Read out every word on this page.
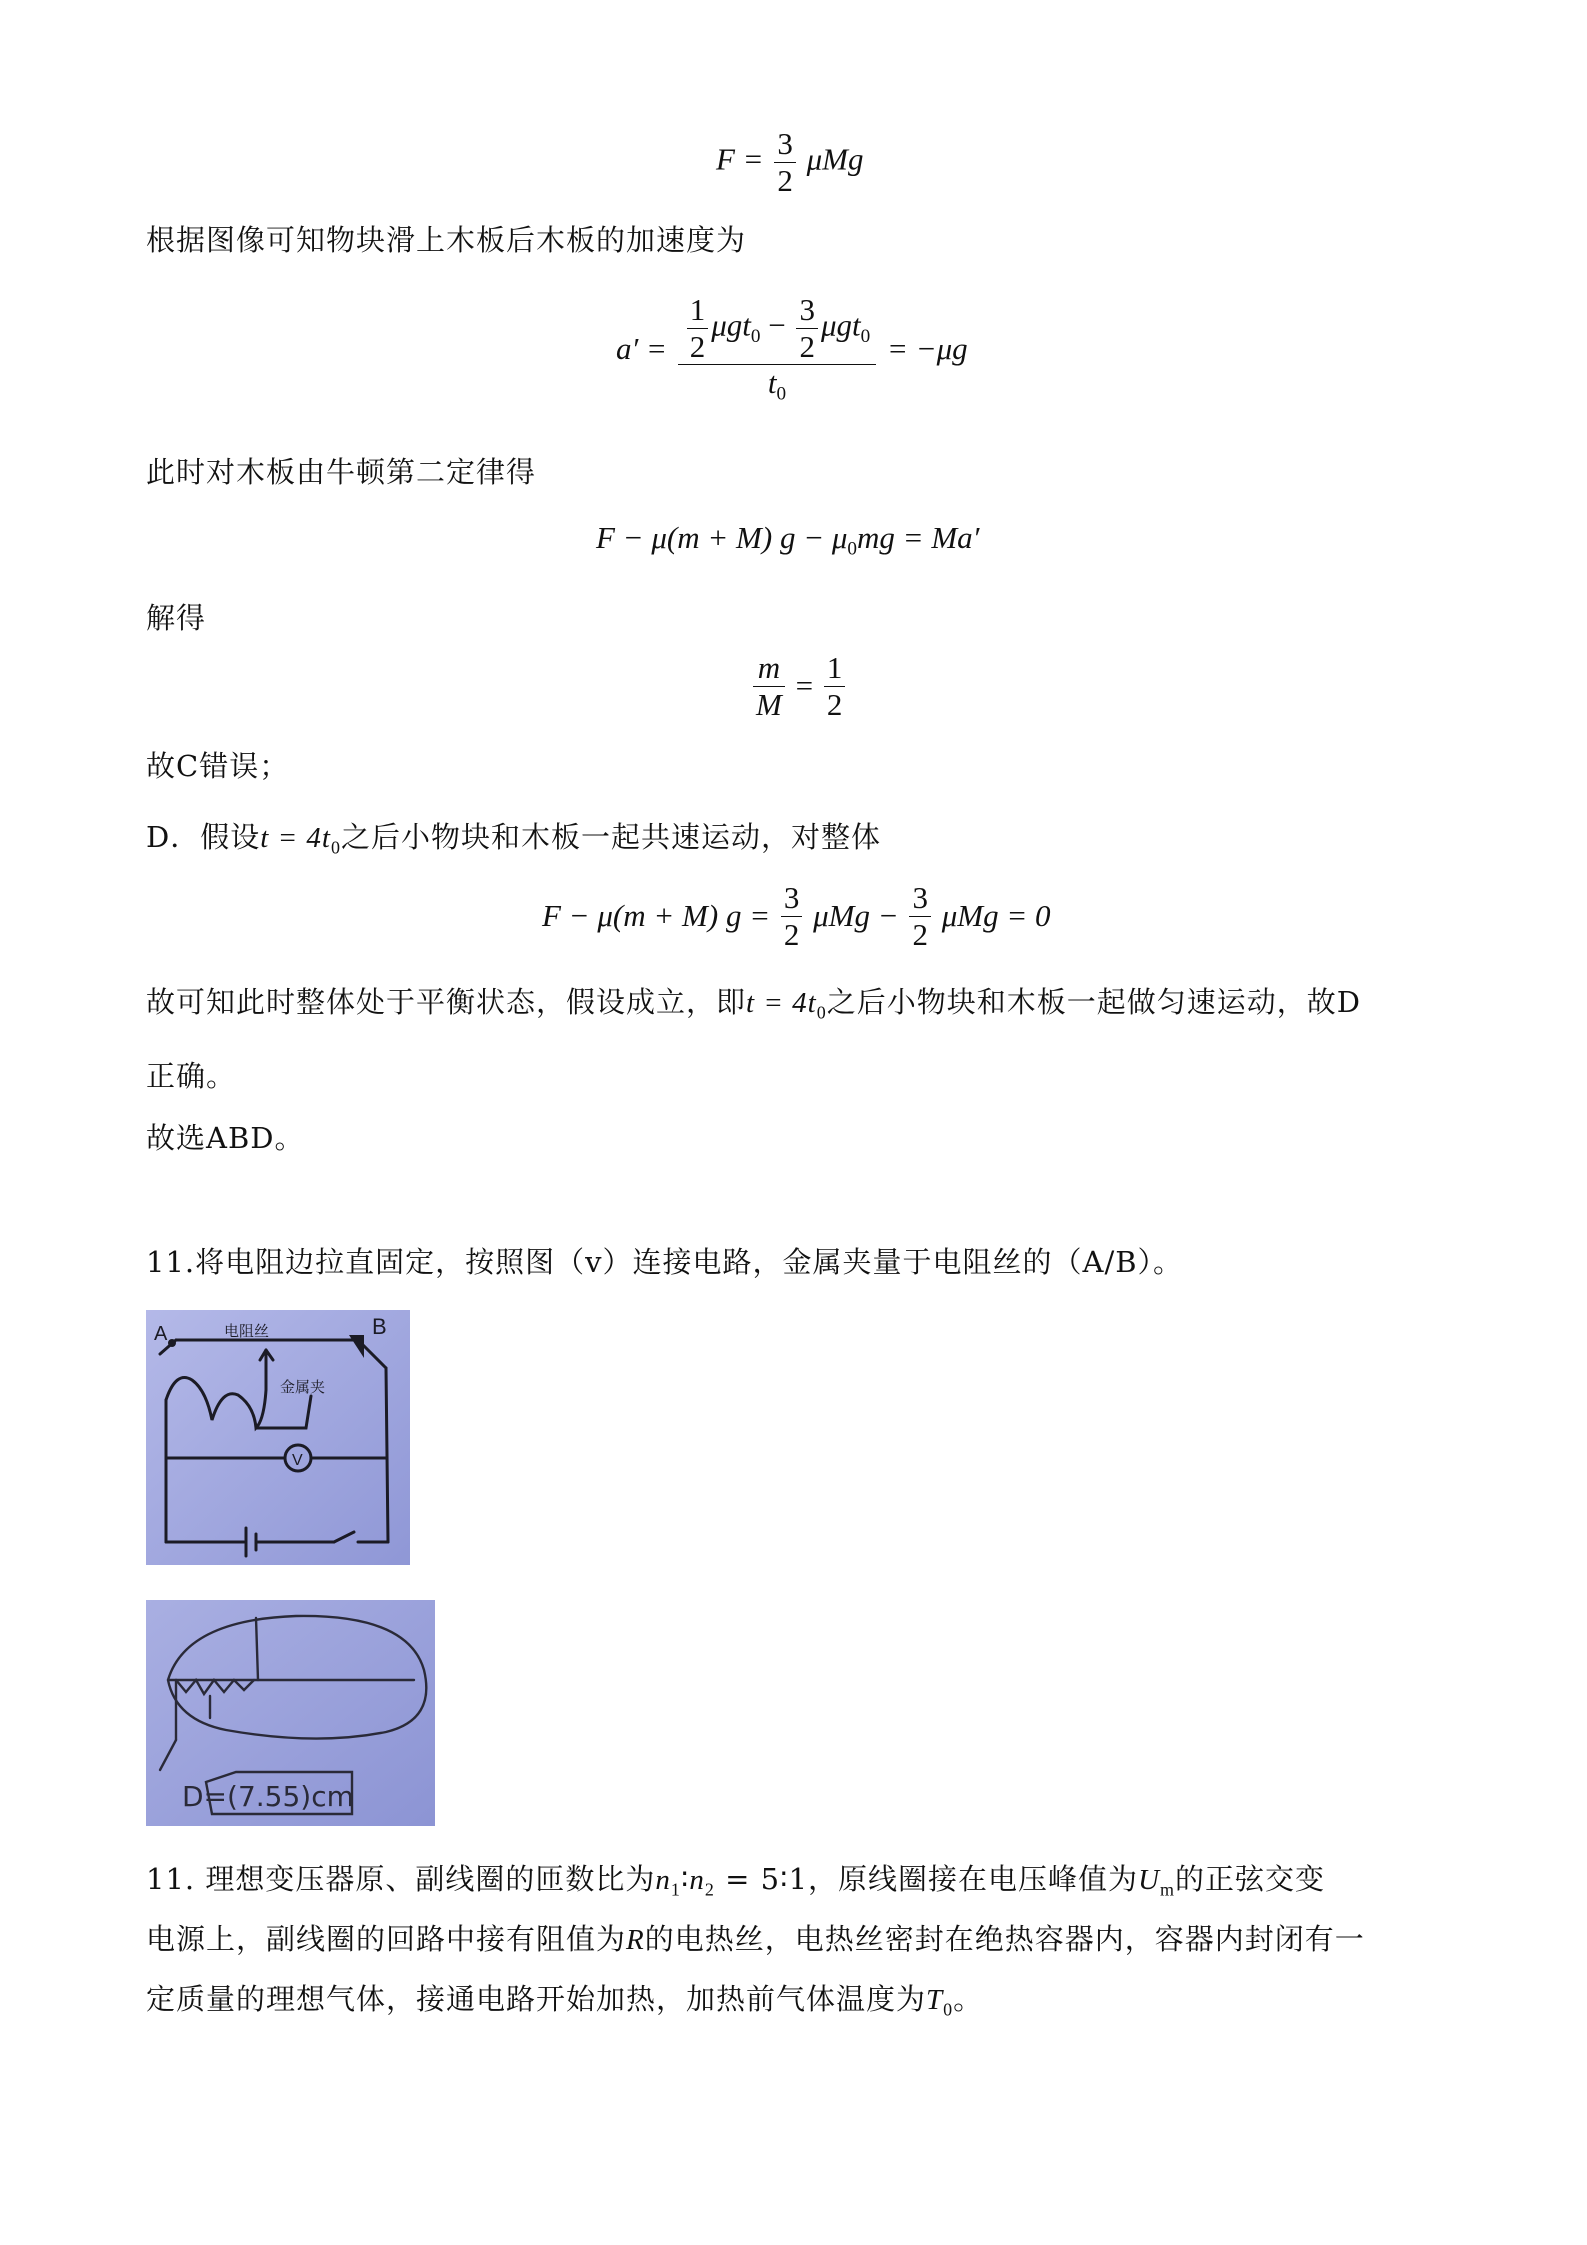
$F = \frac{3}{2}$ μMg
根据图像可知物块滑上木板后木板的加速度为
$a' = \frac{\frac{1}{2} \mu gt_0 - \frac{3}{2} \mu gt_0}{t_0} = -\mu g$
此时对木板由牛顿第二定律得
F − μ(m + M) $g - \mu_0mg = Ma'$
解得
$\frac{m}{M} = \frac{1}{2}$
故C错误；
D．假设$t = 4t_0$之后小物块和木板一起共速运动，对整体
F − μ(m + M) $g = \frac{3}{2}$ $\mu Mg - \frac{3}{2}$ μMg = 0
故可知此时整体处于平衡状态，假设成立，即$t = 4t_0$之后小物块和木板一起做匀速运动，故D
正确。
故选ABD。
11.将电阻边拉直固定，按照图（v）连接电路，金属夹量于电阻丝的（A/B）。
A	B
电阻丝
金属夹
V
D=(7.55)cm
11. 理想变压器原、副线圈的匝数比为$n_1∶n_2$ = 5∶1，原线圈接在电压峰值为$U_m$的正弦交变
电源上，副线圈的回路中接有阻值为R的电热丝，电热丝密封在绝热容器内，容器内封闭有一
定质量的理想气体，接通电路开始加热，加热前气体温度为$T_0$。
